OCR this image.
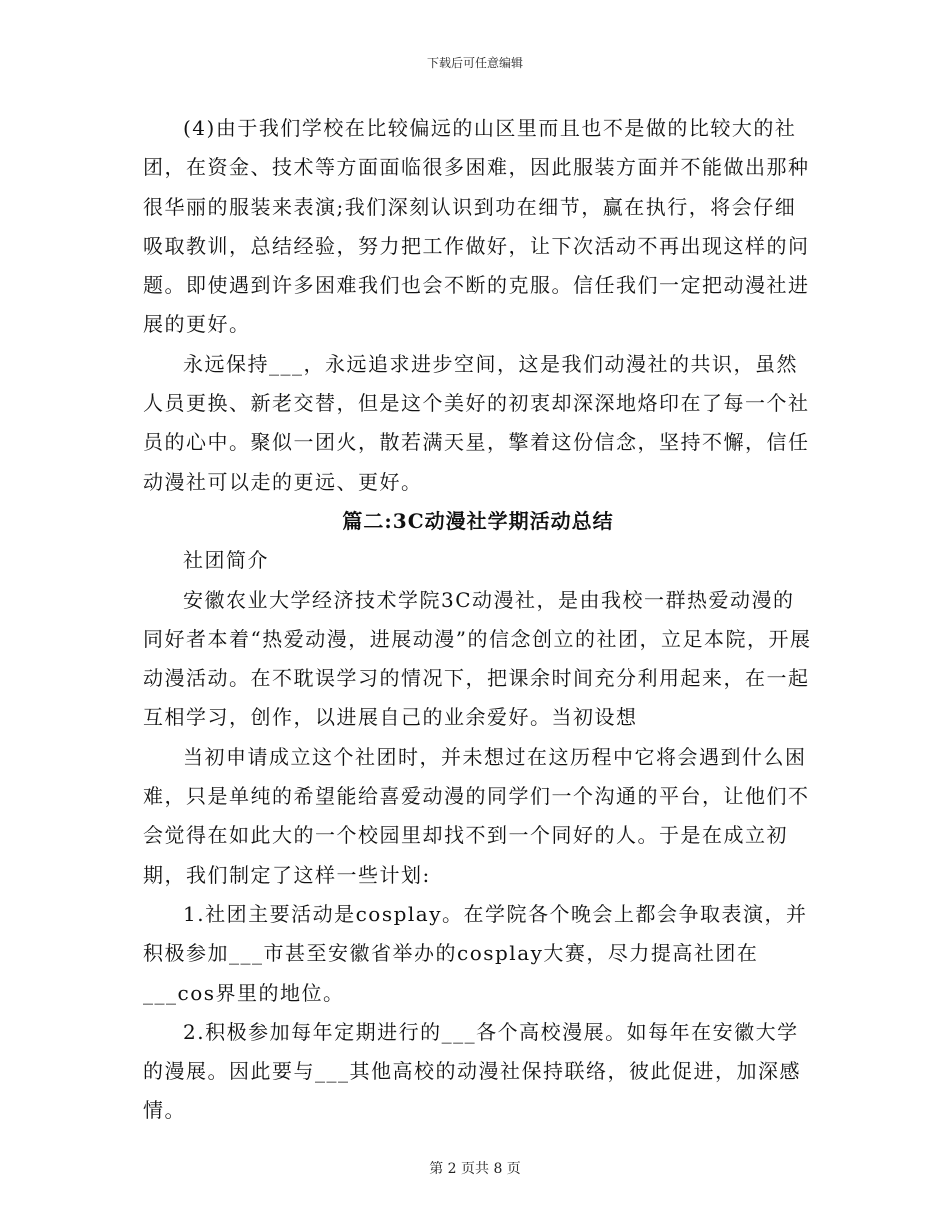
下载后可任意编辑

(4)由于我们学校在比较偏远的山区里而且也不是做的比较大的社团，在资金、技术等方面面临很多困难，因此服装方面并不能做出那种很华丽的服装来表演;我们深刻认识到功在细节，赢在执行，将会仔细吸取教训，总结经验，努力把工作做好，让下次活动不再出现这样的问题。即使遇到许多困难我们也会不断的克服。信任我们一定把动漫社进展的更好。

永远保持___，永远追求进步空间，这是我们动漫社的共识，虽然人员更换、新老交替，但是这个美好的初衷却深深地烙印在了每一个社员的心中。聚似一团火，散若满天星，擎着这份信念，坚持不懈，信任动漫社可以走的更远、更好。

篇二:3C动漫社学期活动总结

社团简介

安徽农业大学经济技术学院3C动漫社，是由我校一群热爱动漫的同好者本着“热爱动漫，进展动漫”的信念创立的社团，立足本院，开展动漫活动。在不耽误学习的情况下，把课余时间充分利用起来，在一起互相学习，创作，以进展自己的业余爱好。当初设想

当初申请成立这个社团时，并未想过在这历程中它将会遇到什么困难，只是单纯的希望能给喜爱动漫的同学们一个沟通的平台，让他们不会觉得在如此大的一个校园里却找不到一个同好的人。于是在成立初期，我们制定了这样一些计划:

1.社团主要活动是cosplay。在学院各个晚会上都会争取表演，并积极参加___市甚至安徽省举办的cosplay大赛，尽力提高社团在___cos界里的地位。

2.积极参加每年定期进行的___各个高校漫展。如每年在安徽大学的漫展。因此要与___其他高校的动漫社保持联络，彼此促进，加深感情。

第 2 页共 8 页
